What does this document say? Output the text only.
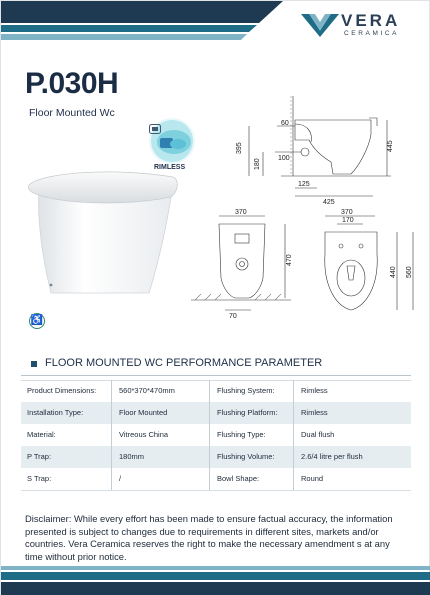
VERA
CERAMICA
P.030H
Floor Mounted Wc
RIMLESS
♿
60
100
395
180
445
125
425
370
470
70
370
170
440 560
FLOOR MOUNTED WC PERFORMANCE PARAMETER
Product Dimensions:	560*370*470mm	Flushing System:	Rimless
Installation Type:	Floor Mounted	Flushing Platform:	Rimless
Material:	Vitreous China	Flushing Type:	Dual flush
P Trap:	180mm	Flushing Volume:	2.6/4 litre per flush
S Trap:	/	Bowl Shape:	Round
Disclaimer: While every effort has been made to ensure factual accuracy, the information presented is subject to changes due to requirements in different sites, markets and/or countries. Vera Ceramica reserves the right to make the necessary amendment s at any time without prior notice.
